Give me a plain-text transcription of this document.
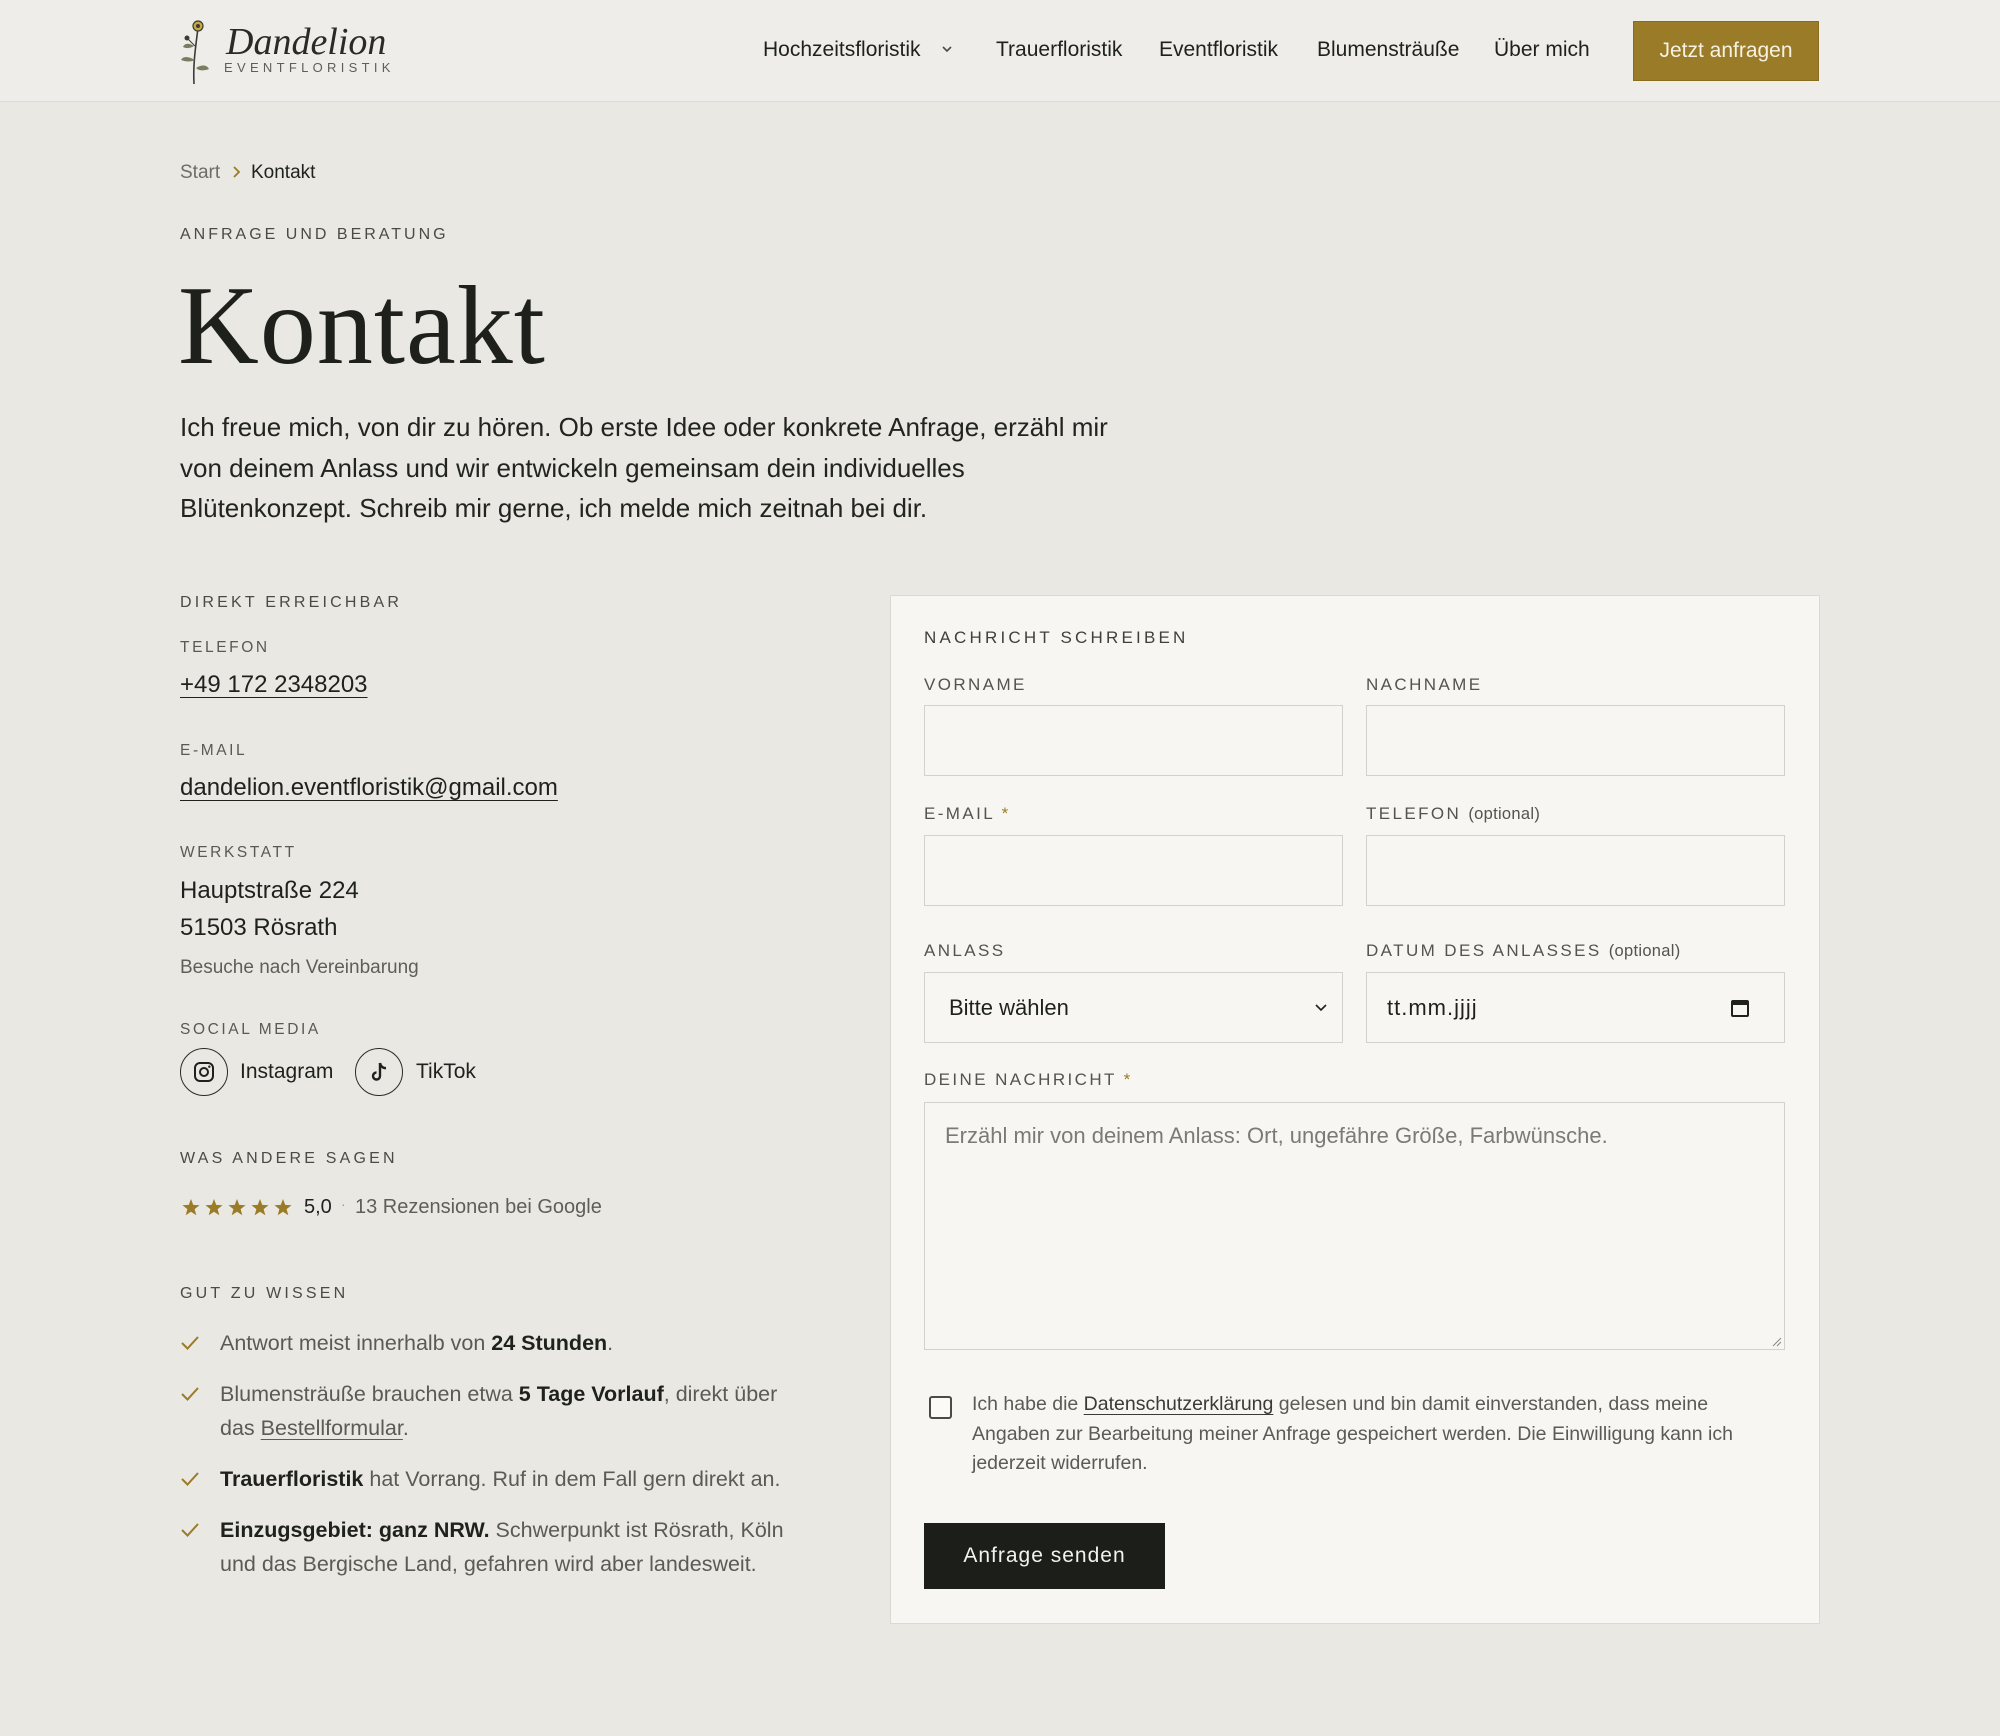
Dandelion
EVENTFLORISTIK
Hochzeitsfloristik	Trauerfloristik Eventfloristik Blumensträuße Über mich	Jetzt anfragen
Start Kontakt
ANFRAGE UND BERATUNG
Kontakt

Ich freue mich, von dir zu hören. Ob erste Idee oder konkrete Anfrage, erzähl mir von deinem Anlass und wir entwickeln gemeinsam dein individuelles Blütenkonzept. Schreib mir gerne, ich melde mich zeitnah bei dir.

DIREKT ERREICHBAR
TELEFON
+49 172 2348203
E-MAIL
dandelion.eventfloristik@gmail.com
WERKSTATT
Hauptstraße 224
51503 Rösrath
Besuche nach Vereinbarung
SOCIAL MEDIA
Instagram	TikTok
WAS ANDERE SAGEN
5,0 · 13 Rezensionen bei Google
GUT ZU WISSEN
Antwort meist innerhalb von 24 Stunden.
Blumensträuße brauchen etwa 5 Tage Vorlauf, direkt über das Bestellformular.
Trauerfloristik hat Vorrang. Ruf in dem Fall gern direkt an.
Einzugsgebiet: ganz NRW. Schwerpunkt ist Rösrath, Köln und das Bergische Land, gefahren wird aber landesweit.
NACHRICHT SCHREIBEN
VORNAME	NACHNAME
E-MAIL *	TELEFON (optional)
ANLASS
Bitte wählen
DATUM DES ANLASSES (optional)
tt.mm.jjjj
DEINE NACHRICHT *
Erzähl mir von deinem Anlass: Ort, ungefähre Größe, Farbwünsche.

Ich habe die Datenschutzerklärung gelesen und bin damit einverstanden, dass meine Angaben zur Bearbeitung meiner Anfrage gespeichert werden. Die Einwilligung kann ich jederzeit widerrufen.

Anfrage senden
